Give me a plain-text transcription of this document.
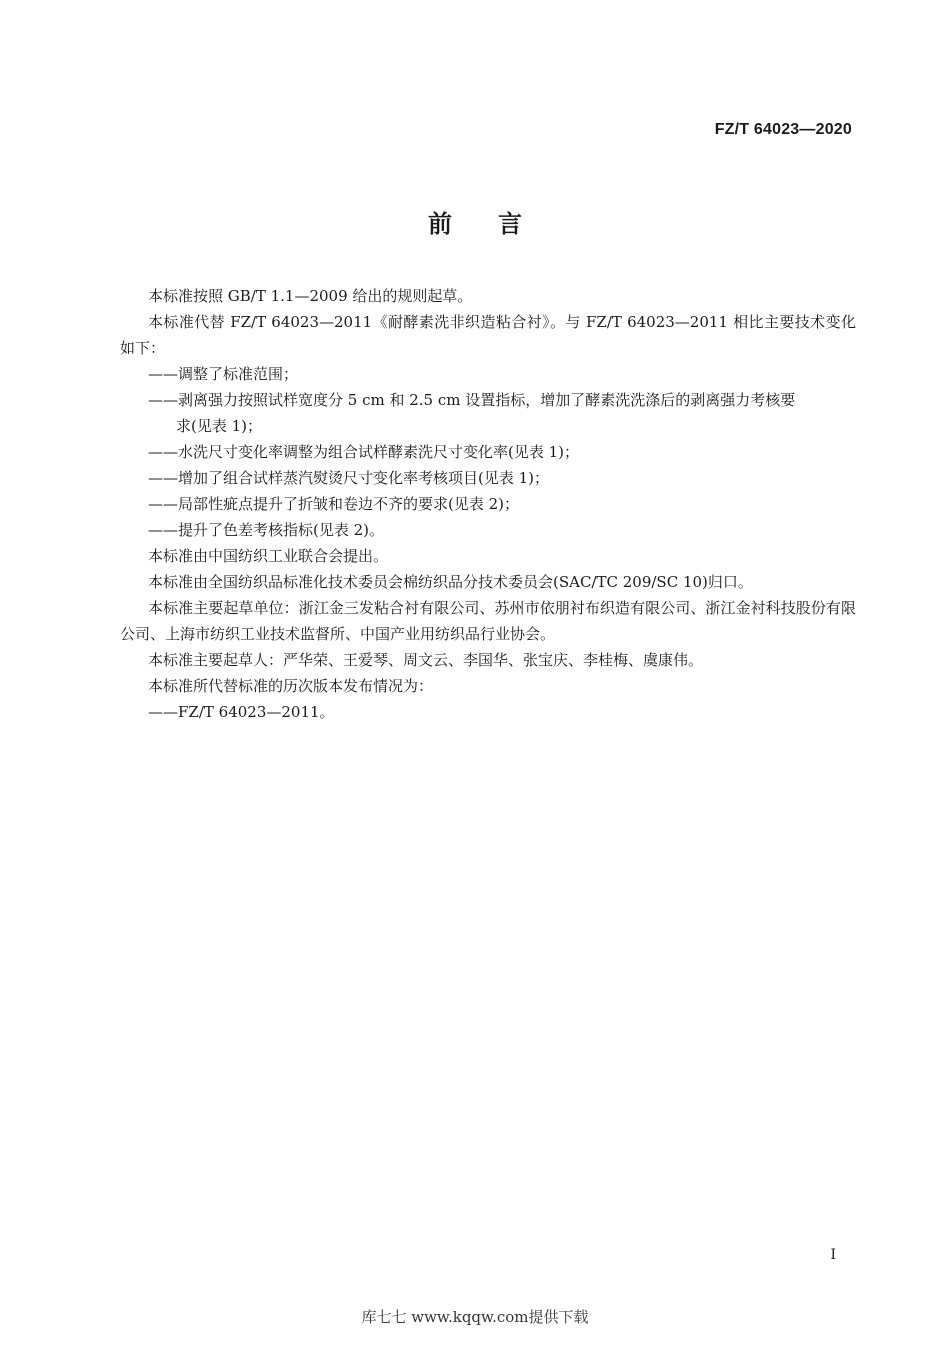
FZ/T 64023—2020
前言

本标准按照 GB/T 1.1—2009 给出的规则起草。

本标准代替 FZ/T 64023—2011《耐酵素洗非织造粘合衬》。与 FZ/T 64023—2011 相比主要技术变化如下：

——调整了标准范围；

——剥离强力按照试样宽度分 5 cm 和 2.5 cm 设置指标，增加了酵素洗洗涤后的剥离强力考核要
求(见表 1)；

——水洗尺寸变化率调整为组合试样酵素洗尺寸变化率(见表 1)；

——增加了组合试样蒸汽熨烫尺寸变化率考核项目(见表 1)；

——局部性疵点提升了折皱和卷边不齐的要求(见表 2)；

——提升了色差考核指标(见表 2)。

本标准由中国纺织工业联合会提出。

本标准由全国纺织品标准化技术委员会棉纺织品分技术委员会(SAC/TC 209/SC 10)归口。

本标准主要起草单位：浙江金三发粘合衬有限公司、苏州市依朋衬布织造有限公司、浙江金衬科技股份有限公司、上海市纺织工业技术监督所、中国产业用纺织品行业协会。

本标准主要起草人：严华荣、王爱琴、周文云、李国华、张宝庆、李桂梅、虞康伟。

本标准所代替标准的历次版本发布情况为：

——FZ/T 64023—2011。

I
库七七 www.kqqw.com提供下载
